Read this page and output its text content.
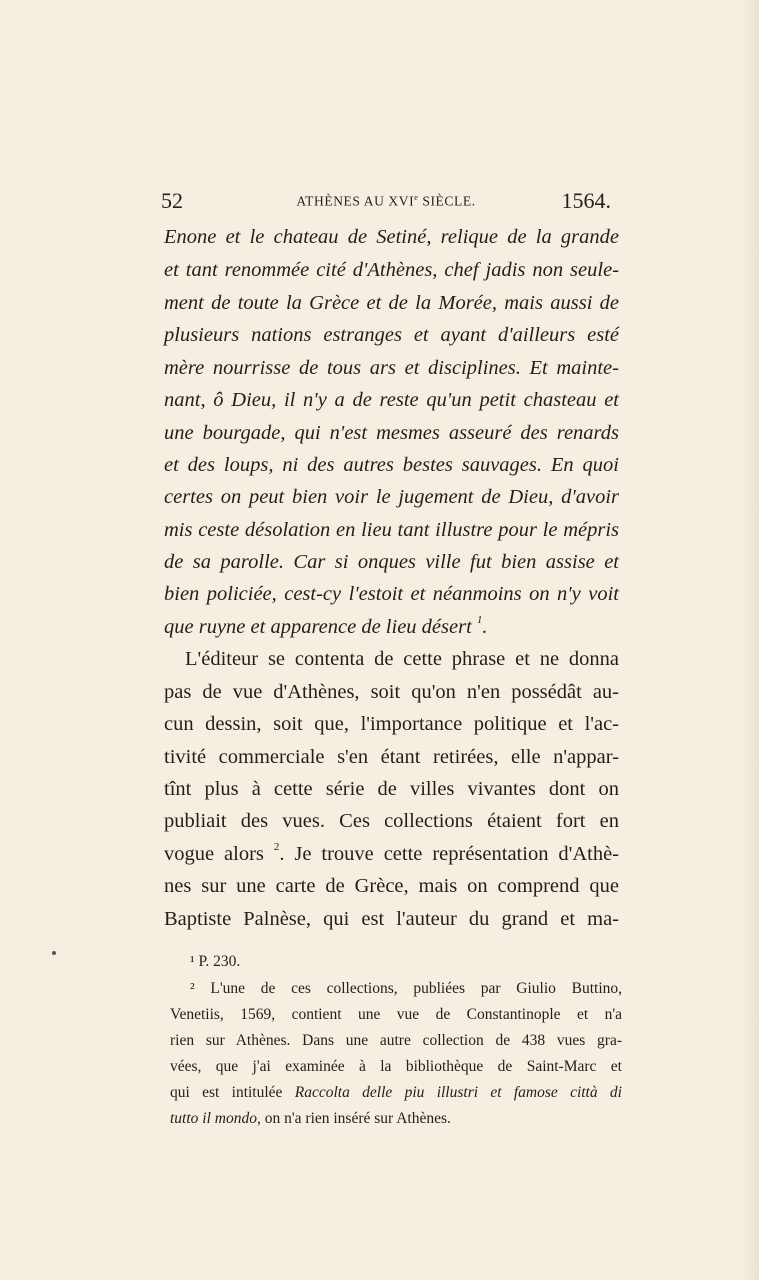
52	ATHÈNES AU XVIe SIÈCLE.	1564.
Enone et le chateau de Setiné, relique de la grande
et tant renommée cité d'Athènes, chef jadis non seule-
ment de toute la Grèce et de la Morée, mais aussi de
plusieurs nations estranges et ayant d'ailleurs esté
mère nourrisse de tous ars et disciplines. Et mainte-
nant, ô Dieu, il n'y a de reste qu'un petit chasteau et
une bourgade, qui n'est mesmes asseuré des renards
et des loups, ni des autres bestes sauvages. En quoi
certes on peut bien voir le jugement de Dieu, d'avoir
mis ceste désolation en lieu tant illustre pour le mépris
de sa parolle. Car si onques ville fut bien assise et
bien policiée, cest-cy l'estoit et néanmoins on n'y voit
que ruyne et apparence de lieu désert $^1$.
L'éditeur se contenta de cette phrase et ne donna
pas de vue d'Athènes, soit qu'on n'en possédât au-
cun dessin, soit que, l'importance politique et l'ac-
tivité commerciale s'en étant retirées, elle n'appar-
tînt plus à cette série de villes vivantes dont on
publiait des vues. Ces collections étaient fort en
vogue alors $^2$. Je trouve cette représentation d'Athè-
nes sur une carte de Grèce, mais on comprend que
Baptiste Palnèse, qui est l'auteur du grand et ma-
¹ P. 230.
² L'une de ces collections, publiées par Giulio Buttino,
Venetiis, 1569, contient une vue de Constantinople et n'a
rien sur Athènes. Dans une autre collection de 438 vues gra-
vées, que j'ai examinée à la bibliothèque de Saint-Marc et
qui est intitulée Raccolta delle piu illustri et famose città di
tutto il mondo, on n'a rien inséré sur Athènes.
